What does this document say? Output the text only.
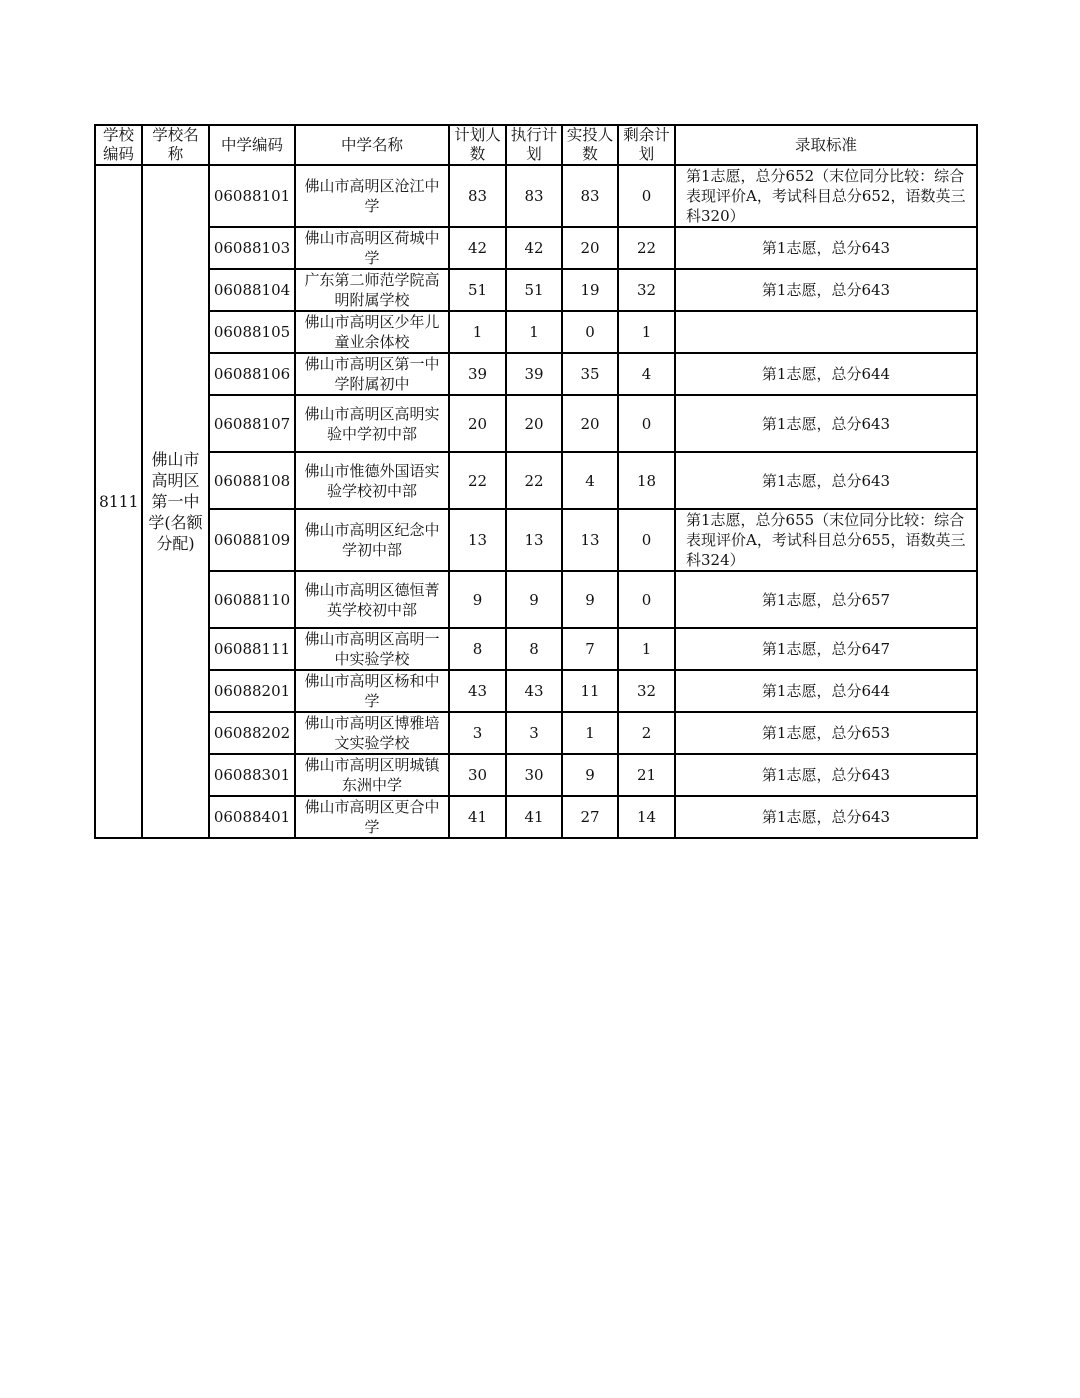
学校编码	学校名称	中学编码	中学名称	计划人数	执行计划	实投人数	剩余计划	录取标准
8111	佛山市高明区第一中学(名额分配)	06088101	佛山市高明区沧江中学	83	83	83	0	第1志愿，总分652（末位同分比较：综合表现评价A，考试科目总分652，语数英三科320）
		06088103	佛山市高明区荷城中学	42	42	20	22	第1志愿，总分643
		06088104	广东第二师范学院高明附属学校	51	51	19	32	第1志愿，总分643
		06088105	佛山市高明区少年儿童业余体校	1	1	0	1	
		06088106	佛山市高明区第一中学附属初中	39	39	35	4	第1志愿，总分644
		06088107	佛山市高明区高明实验中学初中部	20	20	20	0	第1志愿，总分643
		06088108	佛山市惟德外国语实验学校初中部	22	22	4	18	第1志愿，总分643
		06088109	佛山市高明区纪念中学初中部	13	13	13	0	第1志愿，总分655（末位同分比较：综合表现评价A，考试科目总分655，语数英三科324）
		06088110	佛山市高明区德恒菁英学校初中部	9	9	9	0	第1志愿，总分657
		06088111	佛山市高明区高明一中实验学校	8	8	7	1	第1志愿，总分647
		06088201	佛山市高明区杨和中学	43	43	11	32	第1志愿，总分644
		06088202	佛山市高明区博雅培文实验学校	3	3	1	2	第1志愿，总分653
		06088301	佛山市高明区明城镇东洲中学	30	30	9	21	第1志愿，总分643
		06088401	佛山市高明区更合中学	41	41	27	14	第1志愿，总分643
